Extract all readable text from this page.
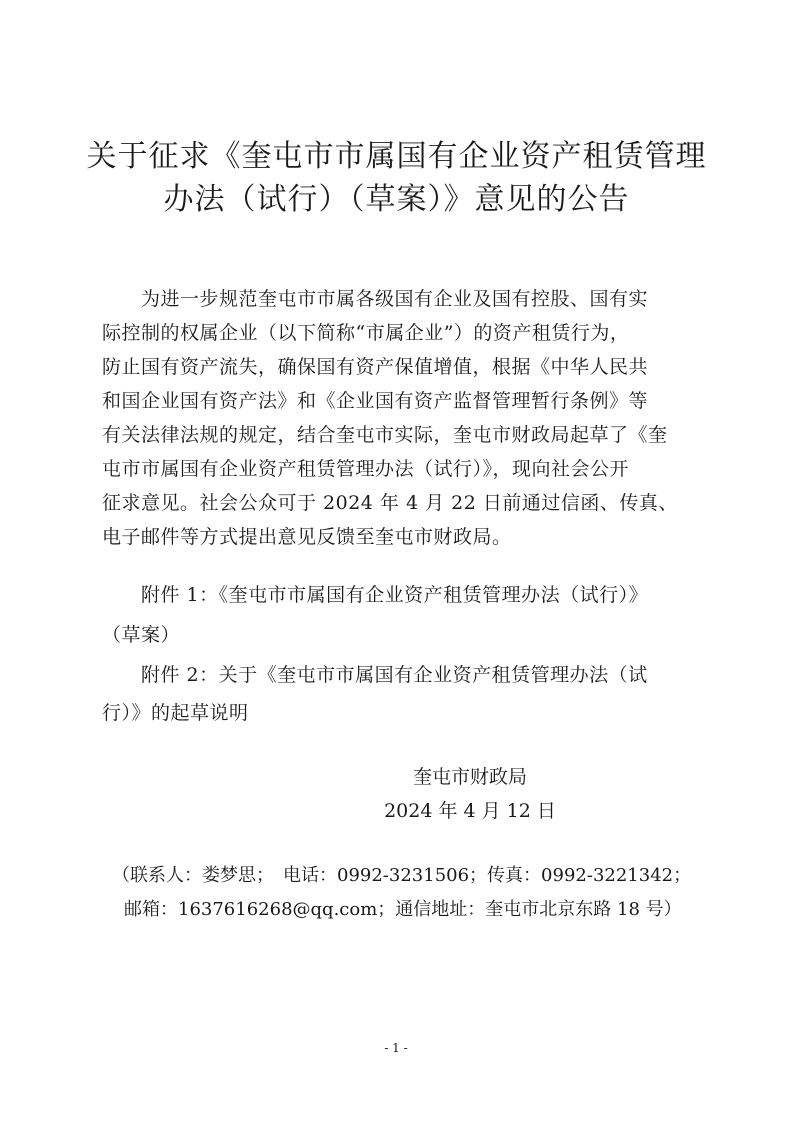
关于征求《奎屯市市属国有企业资产租赁管理
办法（试行）（草案）》意见的公告
　　为进一步规范奎屯市市属各级国有企业及国有控股、国有实
际控制的权属企业（以下简称“市属企业”）的资产租赁行为，
防止国有资产流失，确保国有资产保值增值，根据《中华人民共
和国企业国有资产法》和《企业国有资产监督管理暂行条例》等
有关法律法规的规定，结合奎屯市实际，奎屯市财政局起草了《奎
屯市市属国有企业资产租赁管理办法（试行）》，现向社会公开
征求意见。社会公众可于 2024 年 4 月 22 日前通过信函、传真、
电子邮件等方式提出意见反馈至奎屯市财政局。
　　附件 1：《奎屯市市属国有企业资产租赁管理办法（试行）》
（草案）
　　附件 2：关于《奎屯市市属国有企业资产租赁管理办法（试
行）》的起草说明
奎屯市财政局
2024 年 4 月 12 日
（联系人：娄梦思；　电话：0992-3231506；传真：0992-3221342；
邮箱：1637616268@qq.com；通信地址：奎屯市北京东路 18 号）
- 1 -
